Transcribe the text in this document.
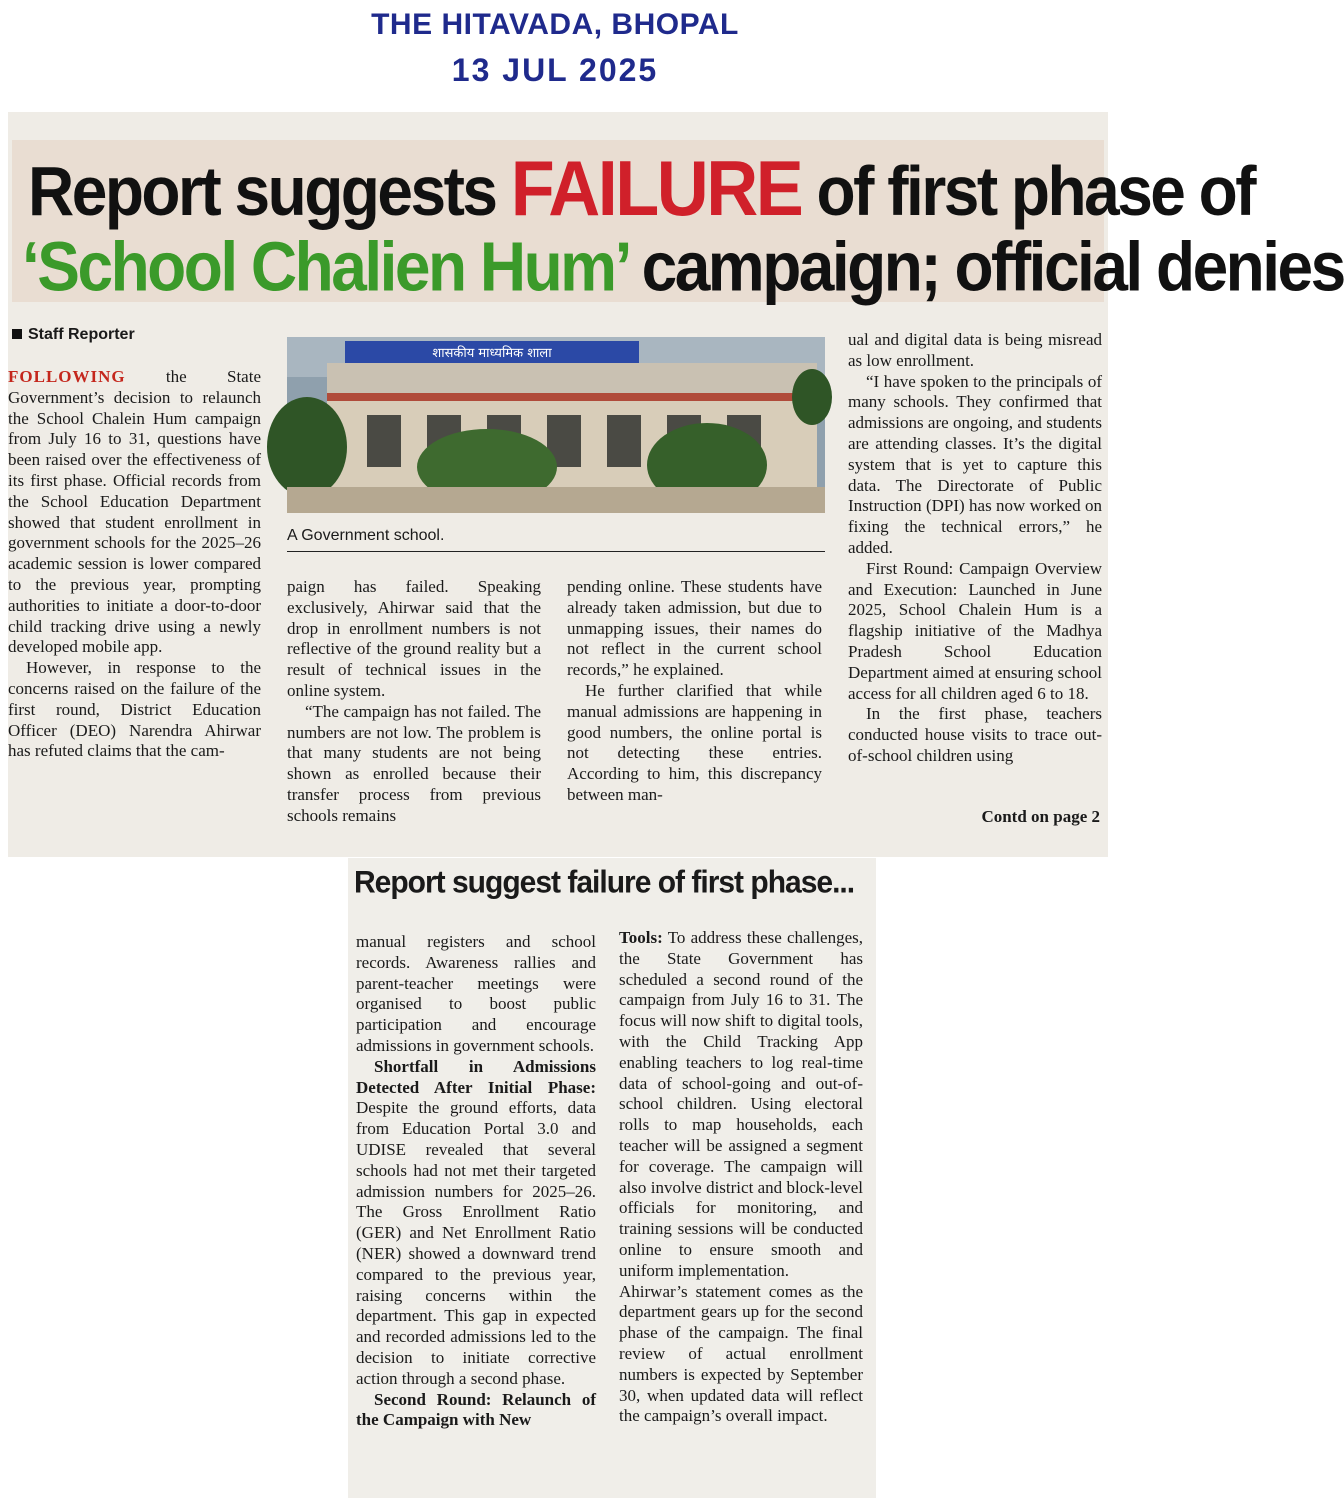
THE HITAVADA, BHOPAL
13 JUL 2025
Report suggests FAILURE of first phase of
‘School Chalien Hum’ campaign; official denies
Staff Reporter
शासकीय माध्यमिक शाला
A Government school.

FOLLOWING the State Government’s decision to relaunch the School Chalein Hum campaign from July 16 to 31, questions have been raised over the effectiveness of its first phase. Official records from the School Education Department showed that student enrollment in government schools for the 2025–26 academic session is lower compared to the previous year, prompting authorities to initiate a door-to-door child tracking drive using a newly developed mobile app.

However, in response to the concerns raised on the failure of the first round, District Education Officer (DEO) Narendra Ahirwar has refuted claims that the cam-

paign has failed. Speaking exclusively, Ahirwar said that the drop in enrollment numbers is not reflective of the ground reality but a result of technical issues in the online system.

“The campaign has not failed. The numbers are not low. The problem is that many students are not being shown as enrolled because their transfer process from previous schools remains

pending online. These students have already taken admission, but due to unmapping issues, their names do not reflect in the current school records,” he explained.

He further clarified that while manual admissions are happening in good numbers, the online portal is not detecting these entries. According to him, this discrepancy between man-

ual and digital data is being misread as low enrollment.

“I have spoken to the principals of many schools. They confirmed that admissions are ongoing, and students are attending classes. It’s the digital system that is yet to capture this data. The Directorate of Public Instruction (DPI) has now worked on fixing the technical errors,” he added.

First Round: Campaign Overview and Execution: Launched in June 2025, School Chalein Hum is a flagship initiative of the Madhya Pradesh School Education Department aimed at ensuring school access for all children aged 6 to 18.

In the first phase, teachers conducted house visits to trace out-of-school children using

Contd on page 2
Report suggest failure of first phase...

manual registers and school records. Awareness rallies and parent-teacher meetings were organised to boost public participation and encourage admissions in government schools.

Shortfall in Admissions Detected After Initial Phase: Despite the ground efforts, data from Education Portal 3.0 and UDISE revealed that several schools had not met their targeted admission numbers for 2025–26. The Gross Enrollment Ratio (GER) and Net Enrollment Ratio (NER) showed a downward trend compared to the previous year, raising concerns within the department. This gap in expected and recorded admissions led to the decision to initiate corrective action through a second phase.

Second Round: Relaunch of the Campaign with New

Tools: To address these challenges, the State Government has scheduled a second round of the campaign from July 16 to 31. The focus will now shift to digital tools, with the Child Tracking App enabling teachers to log real-time data of school-going and out-of-school children. Using electoral rolls to map households, each teacher will be assigned a segment for coverage. The campaign will also involve district and block-level officials for monitoring, and training sessions will be conducted online to ensure smooth and uniform implementation.

Ahirwar’s statement comes as the department gears up for the second phase of the campaign. The final review of actual enrollment numbers is expected by September 30, when updated data will reflect the campaign’s overall impact.
